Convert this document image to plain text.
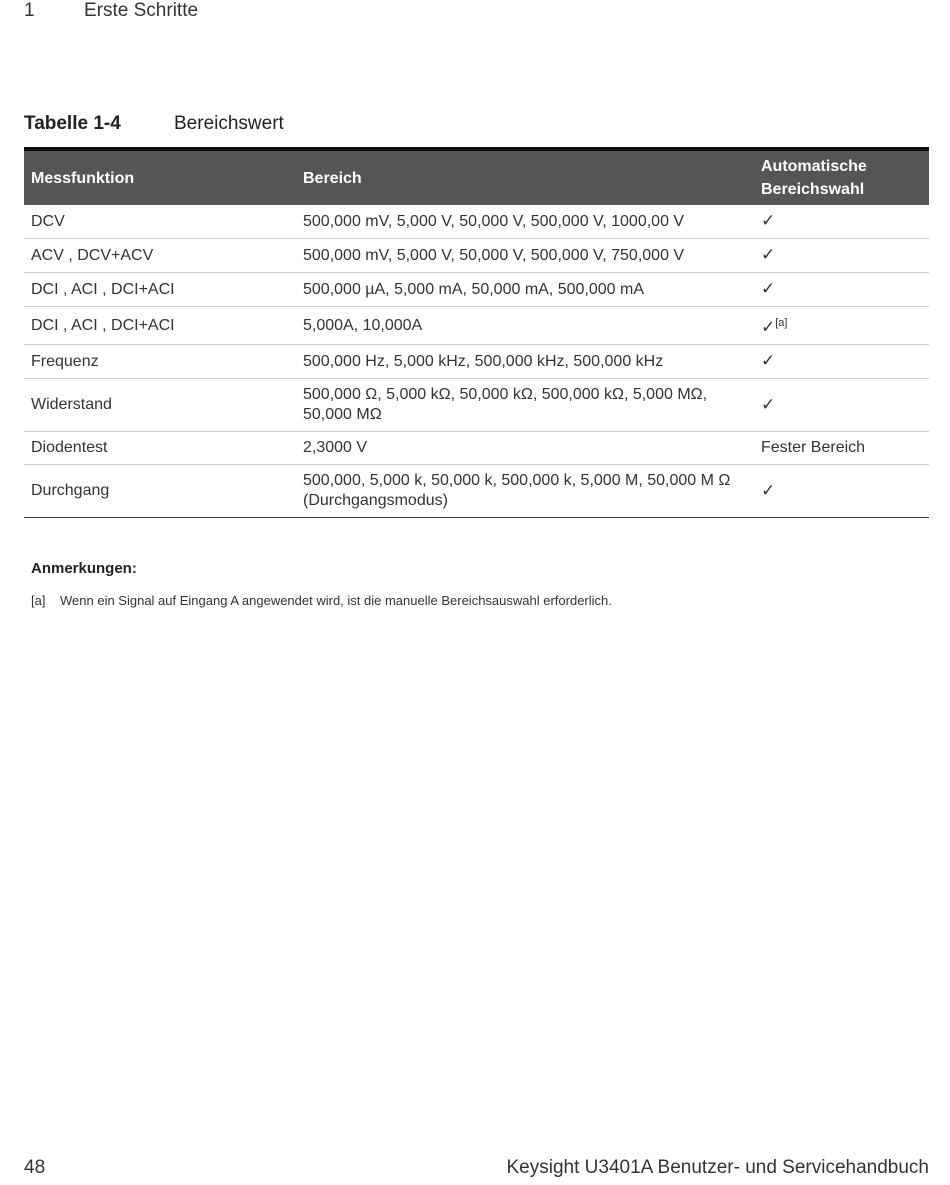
1	Erste Schritte
Tabelle 1-4	Bereichswert
Messfunktion	Bereich	Automatische Bereichswahl
DCV	500,000 mV, 5,000 V, 50,000 V, 500,000 V, 1000,00 V	✓
ACV , DCV+ACV	500,000 mV, 5,000 V, 50,000 V, 500,000 V, 750,000 V	✓
DCI , ACI , DCI+ACI	500,000 µA, 5,000 mA, 50,000 mA, 500,000 mA	✓
DCI , ACI , DCI+ACI	5,000A, 10,000A	✓[a]
Frequenz	500,000 Hz, 5,000 kHz, 500,000 kHz, 500,000 kHz	✓
Widerstand	500,000 Ω, 5,000 kΩ, 50,000 kΩ, 500,000 kΩ, 5,000 MΩ, 50,000 MΩ	✓
Diodentest	2,3000 V	Fester Bereich
Durchgang	500,000, 5,000 k, 50,000 k, 500,000 k, 5,000 M, 50,000 M Ω (Durchgangsmodus)	✓
Anmerkungen:
[a] Wenn ein Signal auf Eingang A angewendet wird, ist die manuelle Bereichsauswahl erforderlich.
48	Keysight U3401A Benutzer- und Servicehandbuch
